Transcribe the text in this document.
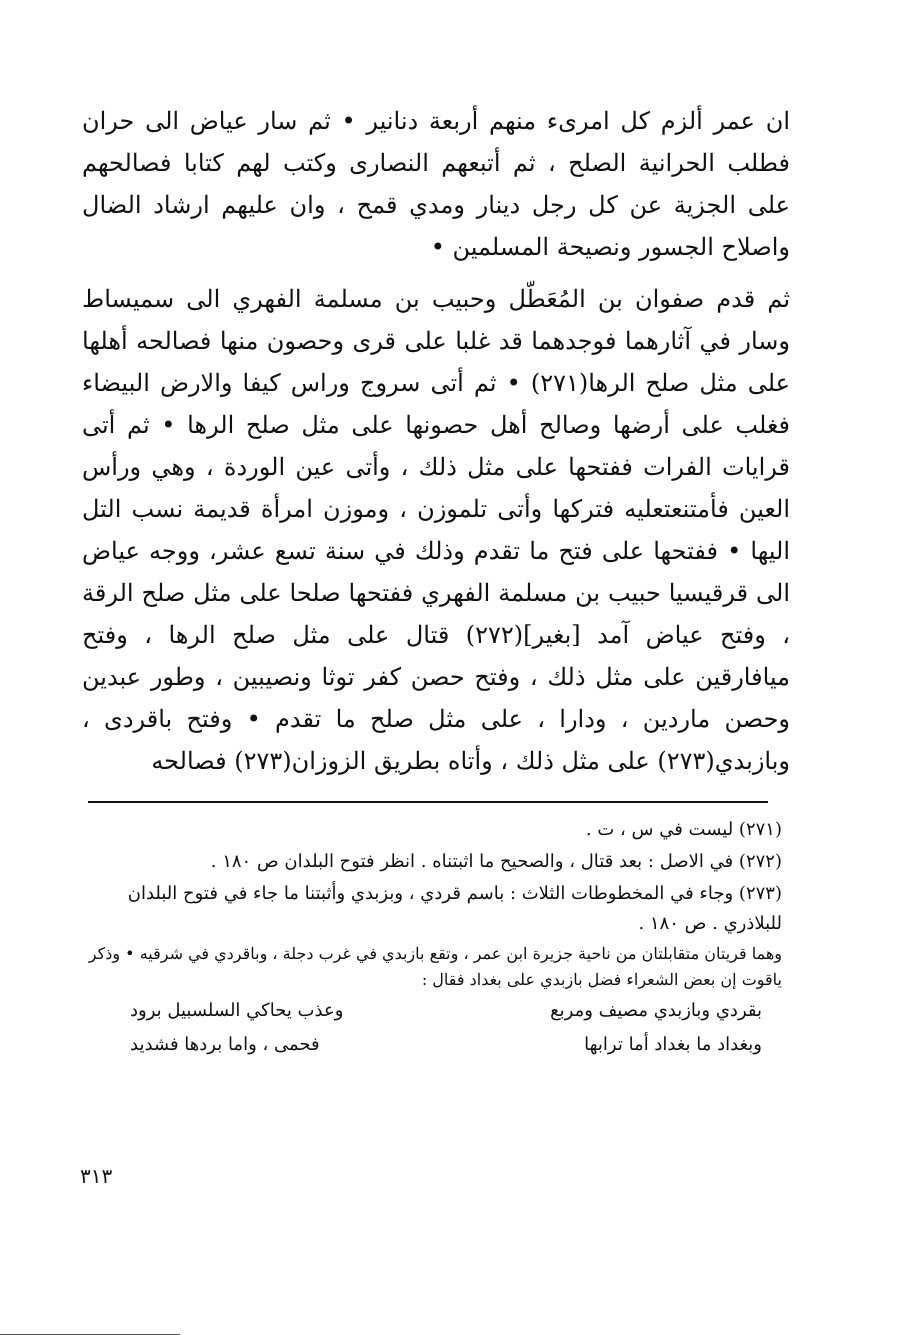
ان عمر ألزم كل امرىء منهم أربعة دنانير • ثم سار عياض الى حران فطلب الحرانية الصلح ، ثم أتبعهم النصارى وكتب لهم كتابا فصالحهم على الجزية عن كل رجل دينار ومدي قمح ، وان عليهم ارشاد الضال واصلاح الجسور ونصيحة المسلمين •

ثم قدم صفوان بن المُعَطّل وحبيب بن مسلمة الفهري الى سميساط وسار في آثارهما فوجدهما قد غلبا على قرى وحصون منها فصالحه أهلها على مثل صلح الرها(٢٧١) • ثم أتى سروج وراس كيفا والارض البيضاء فغلب على أرضها وصالح أهل حصونها على مثل صلح الرها • ثم أتى قرايات الفرات ففتحها على مثل ذلك ، وأتى عين الوردة ، وهي ورأس العين فأمتنعتعليه فتركها وأتى تلموزن ، وموزن امرأة قديمة نسب التل اليها • ففتحها على فتح ما تقدم وذلك في سنة تسع عشر، ووجه عياض الى قرقيسيا حبيب بن مسلمة الفهري ففتحها صلحا على مثل صلح الرقة ، وفتح عياض آمد [بغير](٢٧٢) قتال على مثل صلح الرها ، وفتح ميافارقين على مثل ذلك ، وفتح حصن كفر توثا ونصيبين ، وطور عبدين وحصن ماردين ، ودارا ، على مثل صلح ما تقدم • وفتح باقردى ، وبازبدي(٢٧٣) على مثل ذلك ، وأتاه بطريق الزوزان(٢٧٣) فصالحه

(٢٧١) ليست في س ، ت .

(٢٧٢) في الاصل : بعد قتال ، والصحيح ما اثبتناه . انظر فتوح البلدان ص ١٨٠ .

(٢٧٣) وجاء في المخطوطات الثلاث : باسم قردي ، وبزبدي وأثبتنا ما جاء في فتوح البلدان للبلاذري . ص ١٨٠ .

وهما قريتان متقابلتان من ناحية جزيرة ابن عمر ، وتقع بازبدي في غرب دجلة ، وباقردي في شرقيه • وذكر ياقوت إن بعض الشعراء فضل بازبدي على بغداد فقال :

بقردي وبازبدي مصيف ومربع
وعذب يحاكي السلسبيل برود
وبغداد ما بغداد أما ترابها
فحمى ، واما بردها فشديد
٣١٣
